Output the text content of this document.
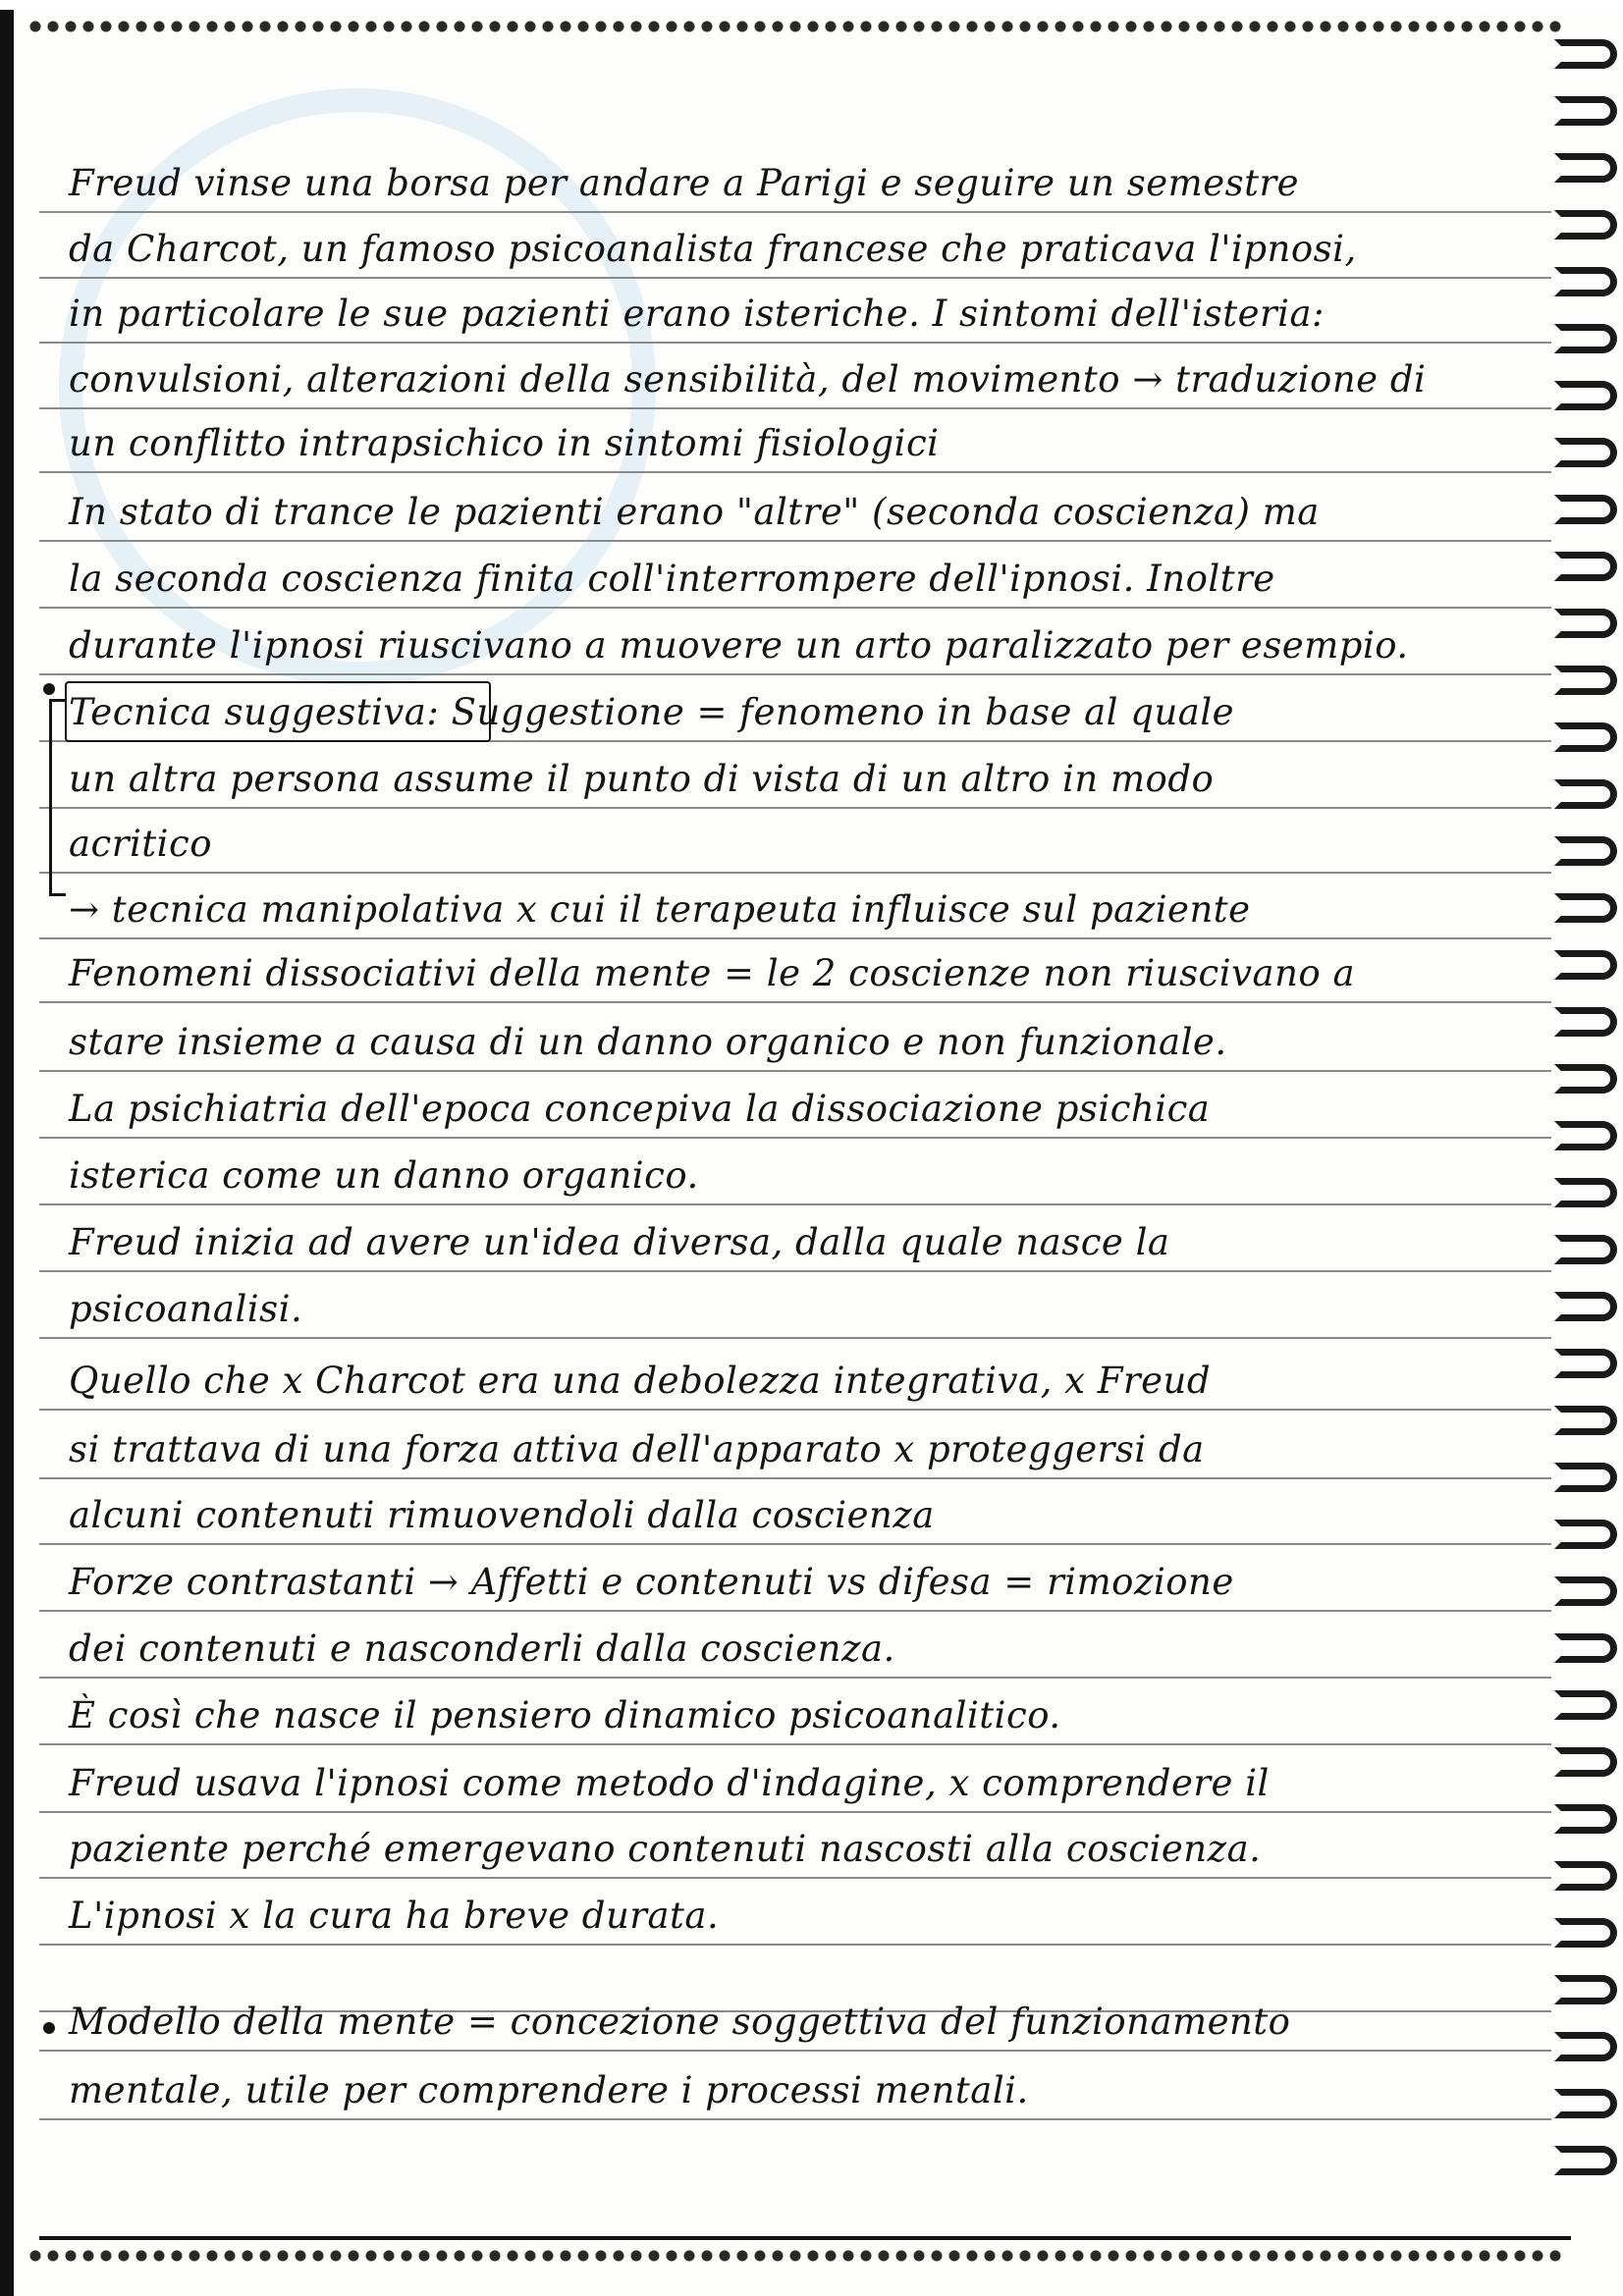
Freud vinse una borsa per andare a Parigi e seguire un semestre
da Charcot, un famoso psicoanalista francese che praticava l'ipnosi,
in particolare le sue pazienti erano isteriche. I sintomi dell'isteria:
convulsioni, alterazioni della sensibilità, del movimento → traduzione di
un conflitto intrapsichico in sintomi fisiologici
In stato di trance le pazienti erano "altre" (seconda coscienza) ma
la seconda coscienza finita coll'interrompere dell'ipnosi. Inoltre
durante l'ipnosi riuscivano a muovere un arto paralizzato per esempio.
Tecnica suggestiva: Suggestione = fenomeno in base al quale
un altra persona assume il punto di vista di un altro in modo
acritico
→ tecnica manipolativa x cui il terapeuta influisce sul paziente
Fenomeni dissociativi della mente = le 2 coscienze non riuscivano a
stare insieme a causa di un danno organico e non funzionale.
La psichiatria dell'epoca concepiva la dissociazione psichica
isterica come un danno organico.
Freud inizia ad avere un'idea diversa, dalla quale nasce la
psicoanalisi.
Quello che x Charcot era una debolezza integrativa, x Freud
si trattava di una forza attiva dell'apparato x proteggersi da
alcuni contenuti rimuovendoli dalla coscienza
Forze contrastanti → Affetti e contenuti vs difesa = rimozione
dei contenuti e nasconderli dalla coscienza.
È così che nasce il pensiero dinamico psicoanalitico.
Freud usava l'ipnosi come metodo d'indagine, x comprendere il
paziente perché emergevano contenuti nascosti alla coscienza.
L'ipnosi x la cura ha breve durata.
Modello della mente = concezione soggettiva del funzionamento
mentale, utile per comprendere i processi mentali.
